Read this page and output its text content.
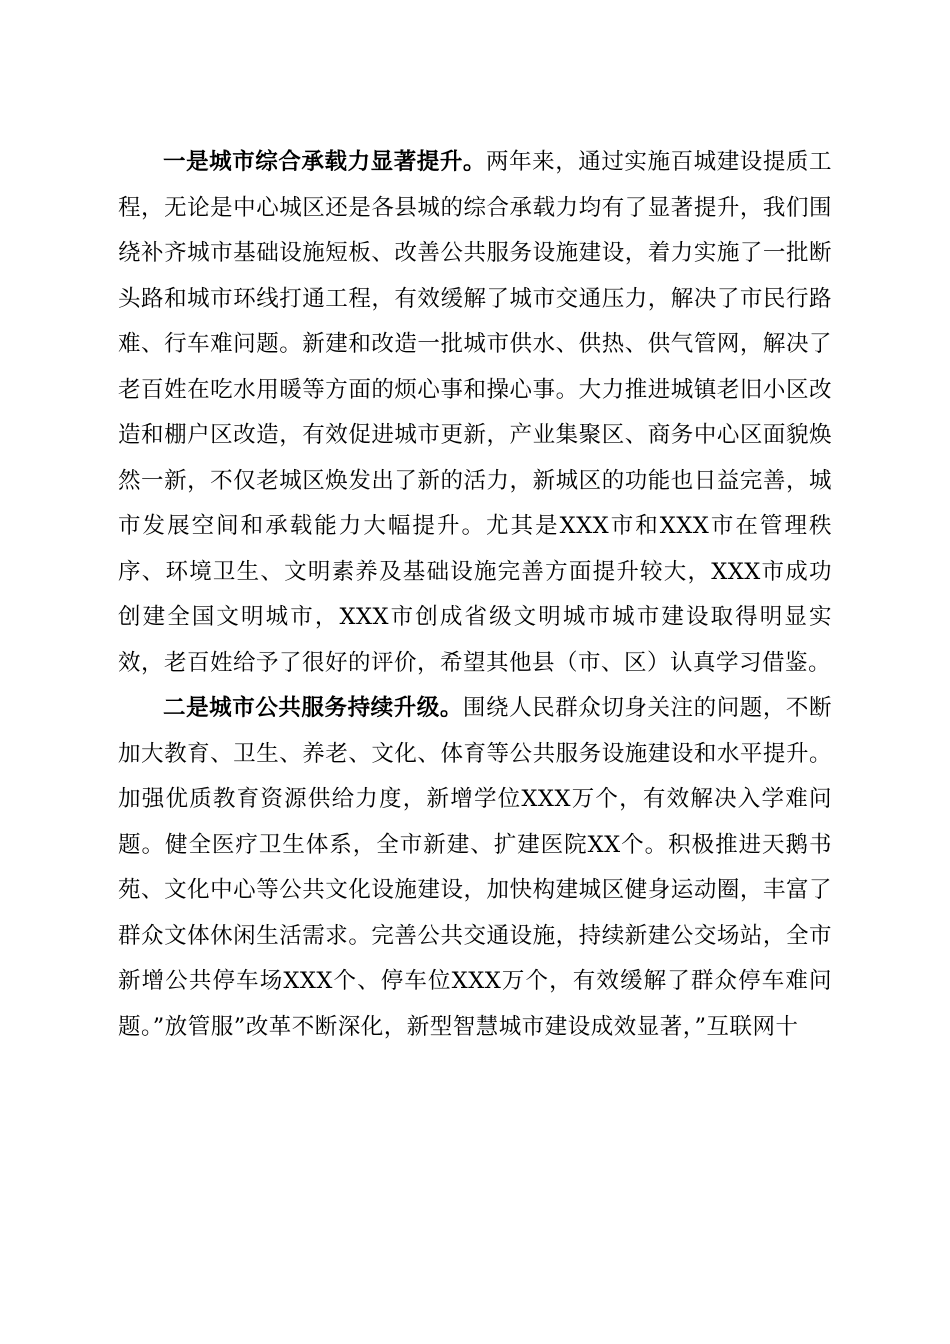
一是城市综合承载力显著提升。两年来，通过实施百城建设提质工程，无论是中心城区还是各县城的综合承载力均有了显著提升，我们围绕补齐城市基础设施短板、改善公共服务设施建设，着力实施了一批断头路和城市环线打通工程，有效缓解了城市交通压力，解决了市民行路难、行车难问题。新建和改造一批城市供水、供热、供气管网，解决了老百姓在吃水用暖等方面的烦心事和操心事。大力推进城镇老旧小区改造和棚户区改造，有效促进城市更新，产业集聚区、商务中心区面貌焕然一新，不仅老城区焕发出了新的活力，新城区的功能也日益完善，城市发展空间和承载能力大幅提升。尤其是XXX市和XXX市在管理秩序、环境卫生、文明素养及基础设施完善方面提升较大，XXX市成功创建全国文明城市，XXX市创成省级文明城市城市建设取得明显实效，老百姓给予了很好的评价，希望其他县（市、区）认真学习借鉴。

二是城市公共服务持续升级。围绕人民群众切身关注的问题，不断加大教育、卫生、养老、文化、体育等公共服务设施建设和水平提升。加强优质教育资源供给力度，新增学位XXX万个，有效解决入学难问题。健全医疗卫生体系，全市新建、扩建医院XX个。积极推进天鹅书苑、文化中心等公共文化设施建设，加快构建城区健身运动圈，丰富了群众文体休闲生活需求。完善公共交通设施，持续新建公交场站，全市新增公共停车场XXX个、停车位XXX万个，有效缓解了群众停车难问题。”放管服”改革不断深化，新型智慧城市建设成效显著，”互联网十
